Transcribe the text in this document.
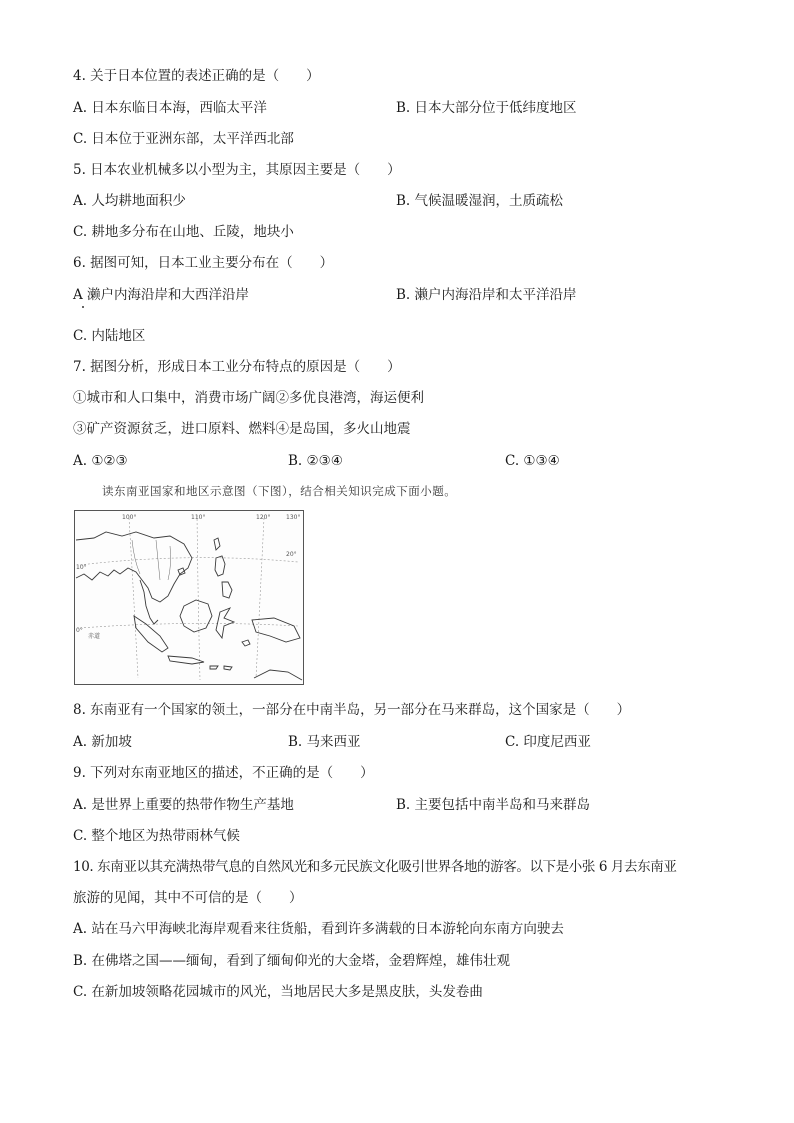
4. 关于日本位置的表述正确的是（　　）
A. 日本东临日本海，西临太平洋	B. 日本大部分位于低纬度地区
C. 日本位于亚洲东部，太平洋西北部
5. 日本农业机械多以小型为主，其原因主要是（　　）
A. 人均耕地面积少	B. 气候温暖湿润，土质疏松
C. 耕地多分布在山地、丘陵，地块小
6. 据图可知，日本工业主要分布在（　　）
A 濑户内海沿岸和大西洋沿岸	B. 濑户内海沿岸和太平洋沿岸
C. 内陆地区
7. 据图分析，形成日本工业分布特点的原因是（　　）
①城市和人口集中，消费市场广阔②多优良港湾，海运便利
③矿产资源贫乏，进口原料、燃料④是岛国，多火山地震
A. ①②③	B. ②③④	C. ①③④
读东南亚国家和地区示意图（下图），结合相关知识完成下面小题。
100°	110°	120°	130°
10°
0°
20°
赤道
8. 东南亚有一个国家的领土，一部分在中南半岛，另一部分在马来群岛，这个国家是（　　）
A. 新加坡	B. 马来西亚	C. 印度尼西亚
9. 下列对东南亚地区的描述，不正确的是（　　）
A. 是世界上重要的热带作物生产基地	B. 主要包括中南半岛和马来群岛
C. 整个地区为热带雨林气候
10. 东南亚以其充满热带气息的自然风光和多元民族文化吸引世界各地的游客。以下是小张 6 月去东南亚
旅游的见闻，其中不可信的是（　　）
A. 站在马六甲海峡北海岸观看来往货船，看到许多满载的日本游轮向东南方向驶去
B. 在佛塔之国——缅甸，看到了缅甸仰光的大金塔，金碧辉煌，雄伟壮观
C. 在新加坡领略花园城市的风光，当地居民大多是黑皮肤，头发卷曲
